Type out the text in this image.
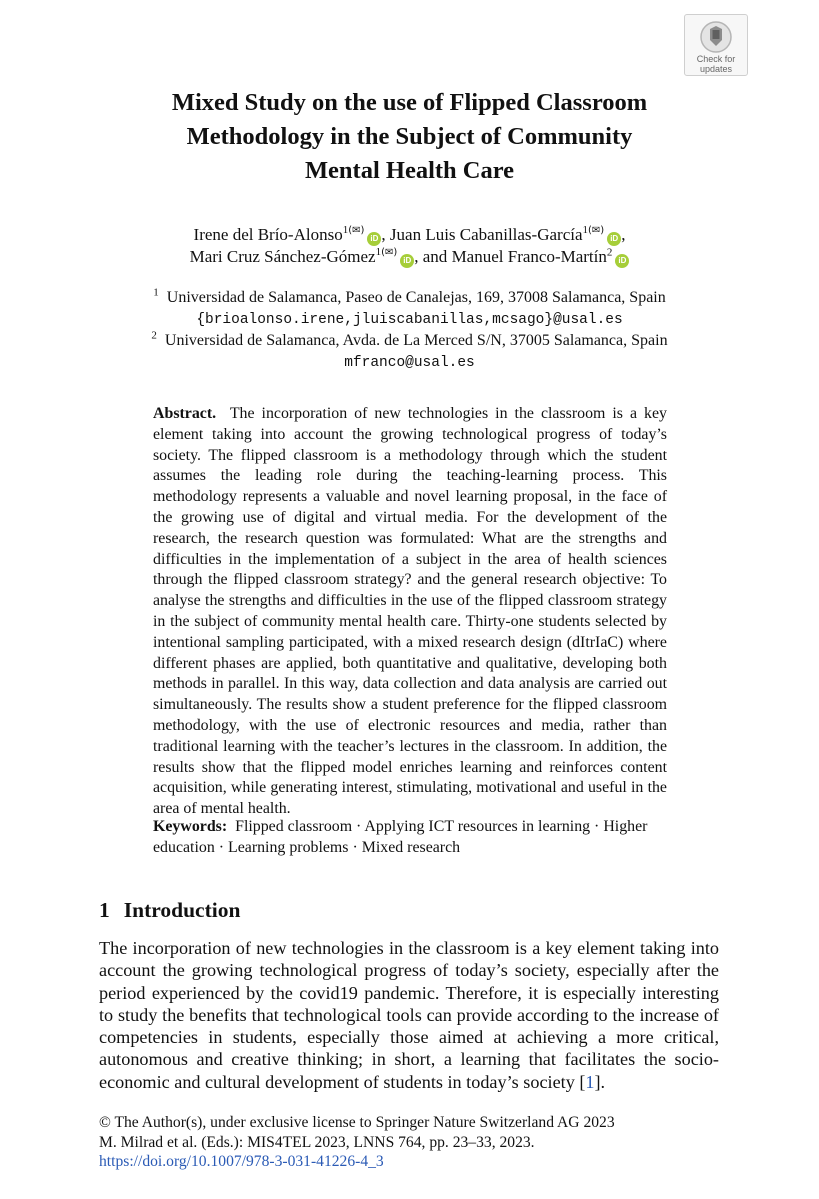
Check for
updates
Mixed Study on the use of Flipped Classroom
Methodology in the Subject of Community
Mental Health Care
Irene del Brío-Alonso$^{1(✉)}$iD , Juan Luis Cabanillas-García$^{1(✉)}$iD ,
Mari Cruz Sánchez-Gómez$^{1(✉)}$iD , and Manuel Franco-Martín$^2$iD
$^1$ Universidad de Salamanca, Paseo de Canalejas, 169, 37008 Salamanca, Spain
{brioalonso.irene,jluiscabanillas,mcsago}@usal.es
$^2$ Universidad de Salamanca, Avda. de La Merced S/N, 37005 Salamanca, Spain
mfranco@usal.es
Abstract. The incorporation of new technologies in the classroom is a key element taking into account the growing technological progress of today’s society. The flipped classroom is a methodology through which the student assumes the leading role during the teaching-learning process. This methodology represents a valuable and novel learning proposal, in the face of the growing use of digital and virtual media. For the development of the research, the research question was formulated: What are the strengths and difficulties in the implementation of a subject in the area of health sciences through the flipped classroom strategy? and the general research objective: To analyse the strengths and difficulties in the use of the flipped classroom strategy in the subject of community mental health care. Thirty-one students selected by intentional sampling participated, with a mixed research design (dItrIaC) where different phases are applied, both quantitative and qualitative, developing both methods in parallel. In this way, data collection and data analysis are carried out simultaneously. The results show a student preference for the flipped classroom methodology, with the use of electronic resources and media, rather than traditional learning with the teacher’s lectures in the classroom. In addition, the results show that the flipped model enriches learning and reinforces content acquisition, while generating interest, stimulating, motivational and useful in the area of mental health.
Keywords: Flipped classroom · Applying ICT resources in learning · Higher education · Learning problems · Mixed research
1 Introduction
The incorporation of new technologies in the classroom is a key element taking into account the growing technological progress of today’s society, especially after the period experienced by the covid19 pandemic. Therefore, it is especially interesting to study the benefits that technological tools can provide according to the increase of competencies in students, especially those aimed at achieving a more critical, autonomous and creative thinking; in short, a learning that facilitates the socio-economic and cultural development of students in today’s society [1].
© The Author(s), under exclusive license to Springer Nature Switzerland AG 2023
M. Milrad et al. (Eds.): MIS4TEL 2023, LNNS 764, pp. 23–33, 2023.
https://doi.org/10.1007/978-3-031-41226-4_3
